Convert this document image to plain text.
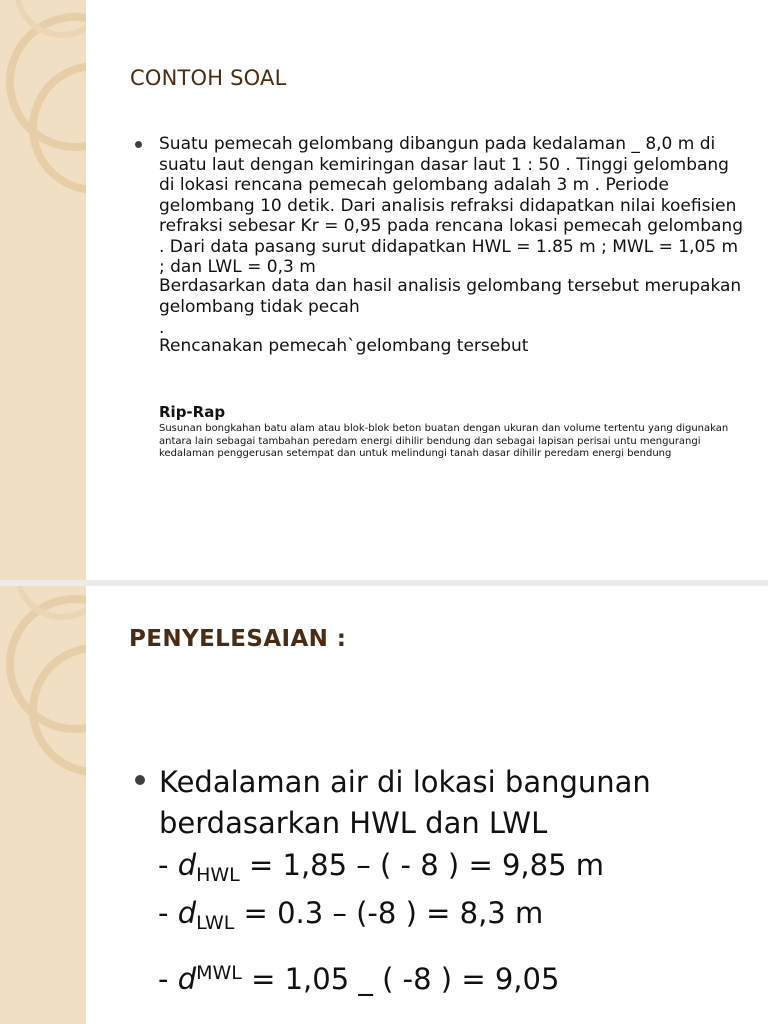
CONTOH SOAL
Suatu pemecah gelombang dibangun pada kedalaman _ 8,0 m di suatu laut dengan kemiringan dasar laut 1 : 50 . Tinggi gelombang di lokasi rencana pemecah gelombang adalah 3 m . Periode gelombang 10 detik. Dari analisis refraksi didapatkan nilai koefisien refraksi sebesar Kr = 0,95 pada rencana lokasi pemecah gelombang . Dari data pasang surut didapatkan HWL = 1.85 m ; MWL = 1,05 m ; dan LWL = 0,3 m
Berdasarkan data dan hasil analisis gelombang tersebut merupakan gelombang tidak pecah
.
Rencanakan pemecah`gelombang tersebut
Rip-Rap
Susunan bongkahan batu alam atau blok-blok beton buatan dengan ukuran dan volume tertentu yang digunakan antara lain sebagai tambahan peredam energi dihilir bendung dan sebagai lapisan perisai untu mengurangi kedalaman penggerusan setempat dan untuk melindungi tanah dasar dihilir peredam energi bendung
PENYELESAIAN :
Kedalaman air di lokasi bangunan
berdasarkan HWL dan LWL
- $d_{HWL} = 1,85$ – ( - 8 ) = 9,85 m
- $d_{LWL} = 0.3 - (-8$ ) = 8,3 m
- $d^{MWL} = 1,05$ _ ( -8 ) = 9,05
